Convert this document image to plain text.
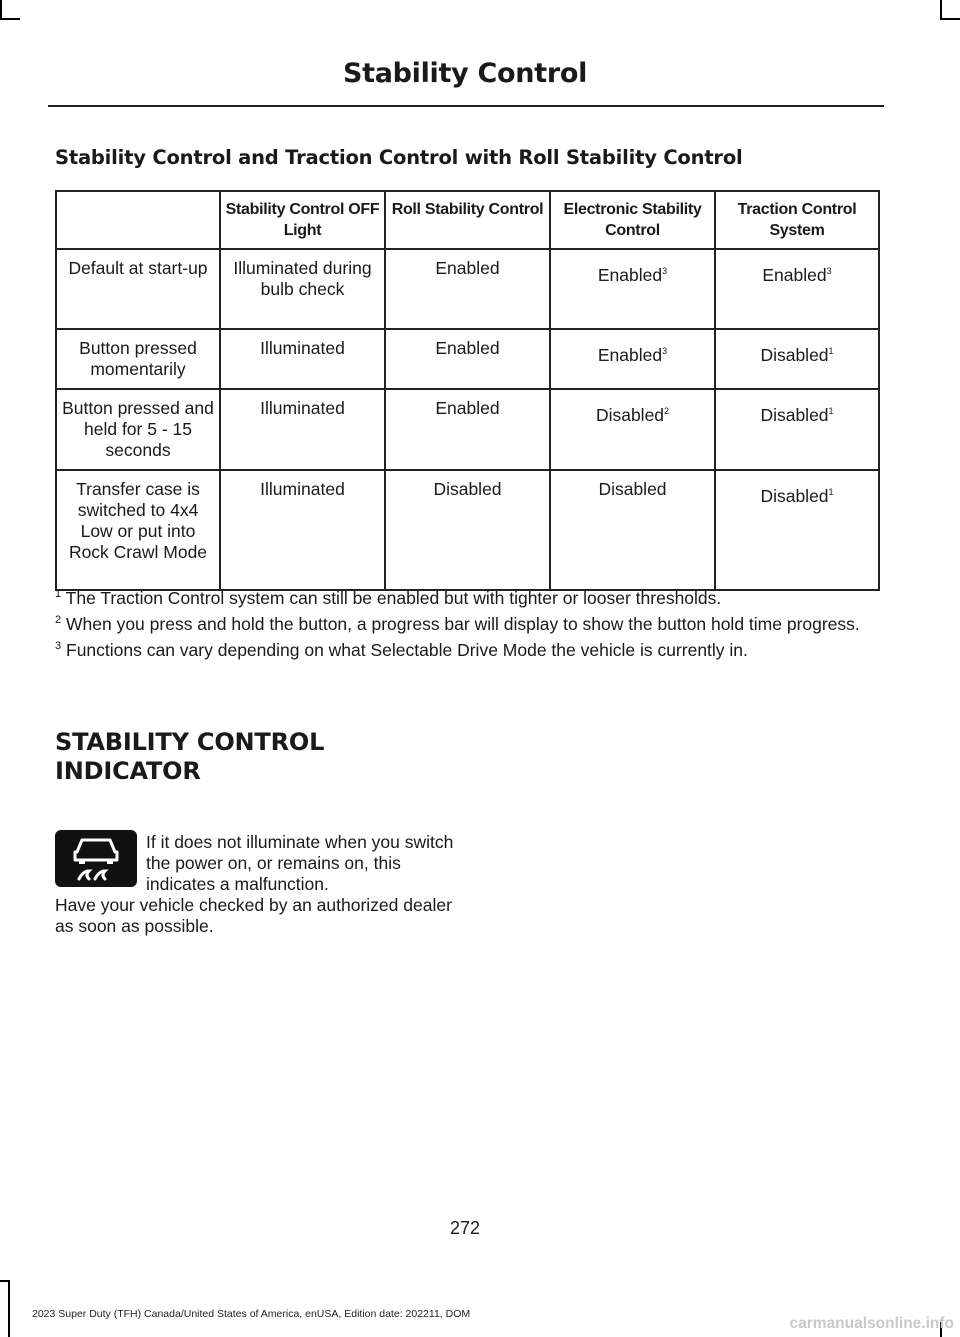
Stability Control
Stability Control and Traction Control with Roll Stability Control
	Stability Control OFF Light	Roll Stability Control	Electronic Stability Control	Traction Control System
Default at start-up	Illuminated during bulb check	Enabled	Enabled$^3$	Enabled$^3$
Button pressed momentarily	Illuminated	Enabled	Enabled$^3$	Disabled$^1$
Button pressed and held for 5 - 15 seconds	Illuminated	Enabled	Disabled$^2$	Disabled$^1$
Transfer case is switched to 4x4 Low or put into Rock Crawl Mode	Illuminated	Disabled	Disabled	Disabled$^1$

$^1$ The Traction Control system can still be enabled but with tighter or looser thresholds.

$^2$ When you press and hold the button, a progress bar will display to show the button hold time progress.

$^3$ Functions can vary depending on what Selectable Drive Mode the vehicle is currently in.

STABILITY CONTROL
INDICATOR
If it does not illuminate when you switch the power on, or remains on, this indicates a malfunction.
Have your vehicle checked by an authorized dealer as soon as possible.
272
2023 Super Duty (TFH) Canada/United States of America, enUSA, Edition date: 202211, DOM
carmanualsonline.info
